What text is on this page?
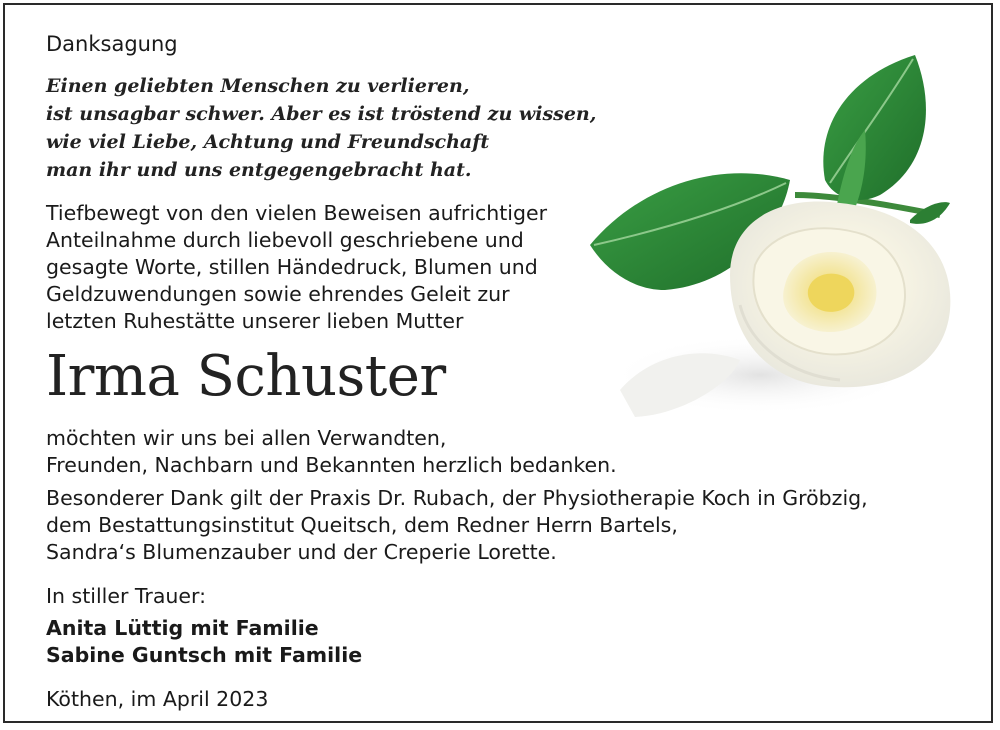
Danksagung

Einen geliebten Menschen zu verlieren,
ist unsagbar schwer. Aber es ist tröstend zu wissen,
wie viel Liebe, Achtung und Freundschaft
man ihr und uns entgegengebracht hat.

Tiefbewegt von den vielen Beweisen aufrichtiger
Anteilnahme durch liebevoll geschriebene und
gesagte Worte, stillen Händedruck, Blumen und
Geldzuwendungen sowie ehrendes Geleit zur
letzten Ruhestätte unserer lieben Mutter

Irma Schuster

möchten wir uns bei allen Verwandten,
Freunden, Nachbarn und Bekannten herzlich bedanken.

Besonderer Dank gilt der Praxis Dr. Rubach, der Physiotherapie Koch in Gröbzig,
dem Bestattungsinstitut Queitsch, dem Redner Herrn Bartels,
Sandra‘s Blumenzauber und der Creperie Lorette.

In stiller Trauer:

Anita Lüttig mit Familie
Sabine Guntsch mit Familie

Köthen, im April 2023
